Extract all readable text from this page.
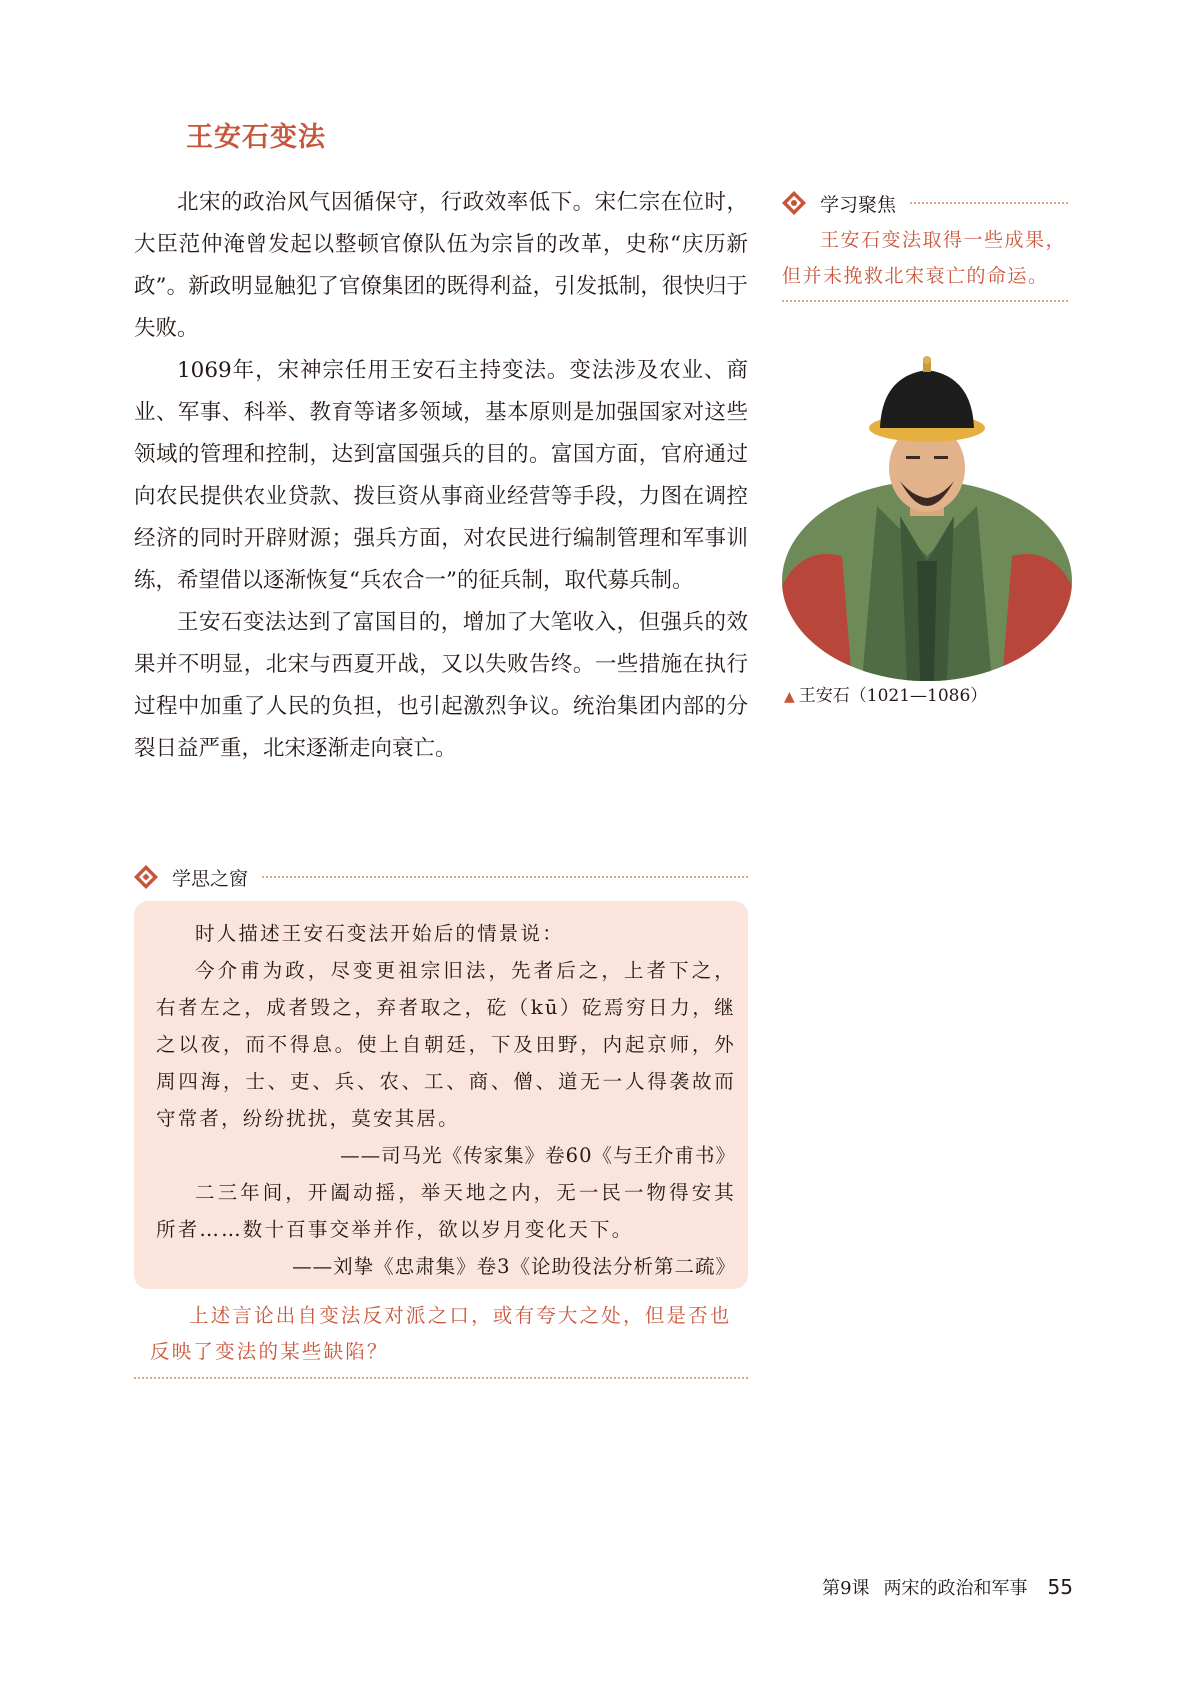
王安石变法

北宋的政治风气因循保守，行政效率低下。宋仁宗在位时，大臣范仲淹曾发起以整顿官僚队伍为宗旨的改革，史称“庆历新政”。新政明显触犯了官僚集团的既得利益，引发抵制，很快归于失败。

1069年，宋神宗任用王安石主持变法。变法涉及农业、商业、军事、科举、教育等诸多领域，基本原则是加强国家对这些领域的管理和控制，达到富国强兵的目的。富国方面，官府通过向农民提供农业贷款、拨巨资从事商业经营等手段，力图在调控经济的同时开辟财源；强兵方面，对农民进行编制管理和军事训练，希望借以逐渐恢复“兵农合一”的征兵制，取代募兵制。

王安石变法达到了富国目的，增加了大笔收入，但强兵的效果并不明显，北宋与西夏开战，又以失败告终。一些措施在执行过程中加重了人民的负担，也引起激烈争议。统治集团内部的分裂日益严重，北宋逐渐走向衰亡。

学习聚焦
王安石变法取得一些成果，但并未挽救北宋衰亡的命运。
▲ 王安石（1021—1086）
学思之窗

时人描述王安石变法开始后的情景说：

今介甫为政，尽变更祖宗旧法，先者后之，上者下之，右者左之，成者毁之，弃者取之，矻（kū）矻焉穷日力，继之以夜，而不得息。使上自朝廷，下及田野，内起京师，外周四海，士、吏、兵、农、工、商、僧、道无一人得袭故而守常者，纷纷扰扰，莫安其居。

——司马光《传家集》卷60《与王介甫书》

二三年间，开阖动摇，举天地之内，无一民一物得安其所者……数十百事交举并作，欲以岁月变化天下。

——刘挚《忠肃集》卷3《论助役法分析第二疏》

上述言论出自变法反对派之口，或有夸大之处，但是否也反映了变法的某些缺陷？
第9课 两宋的政治和军事 55
